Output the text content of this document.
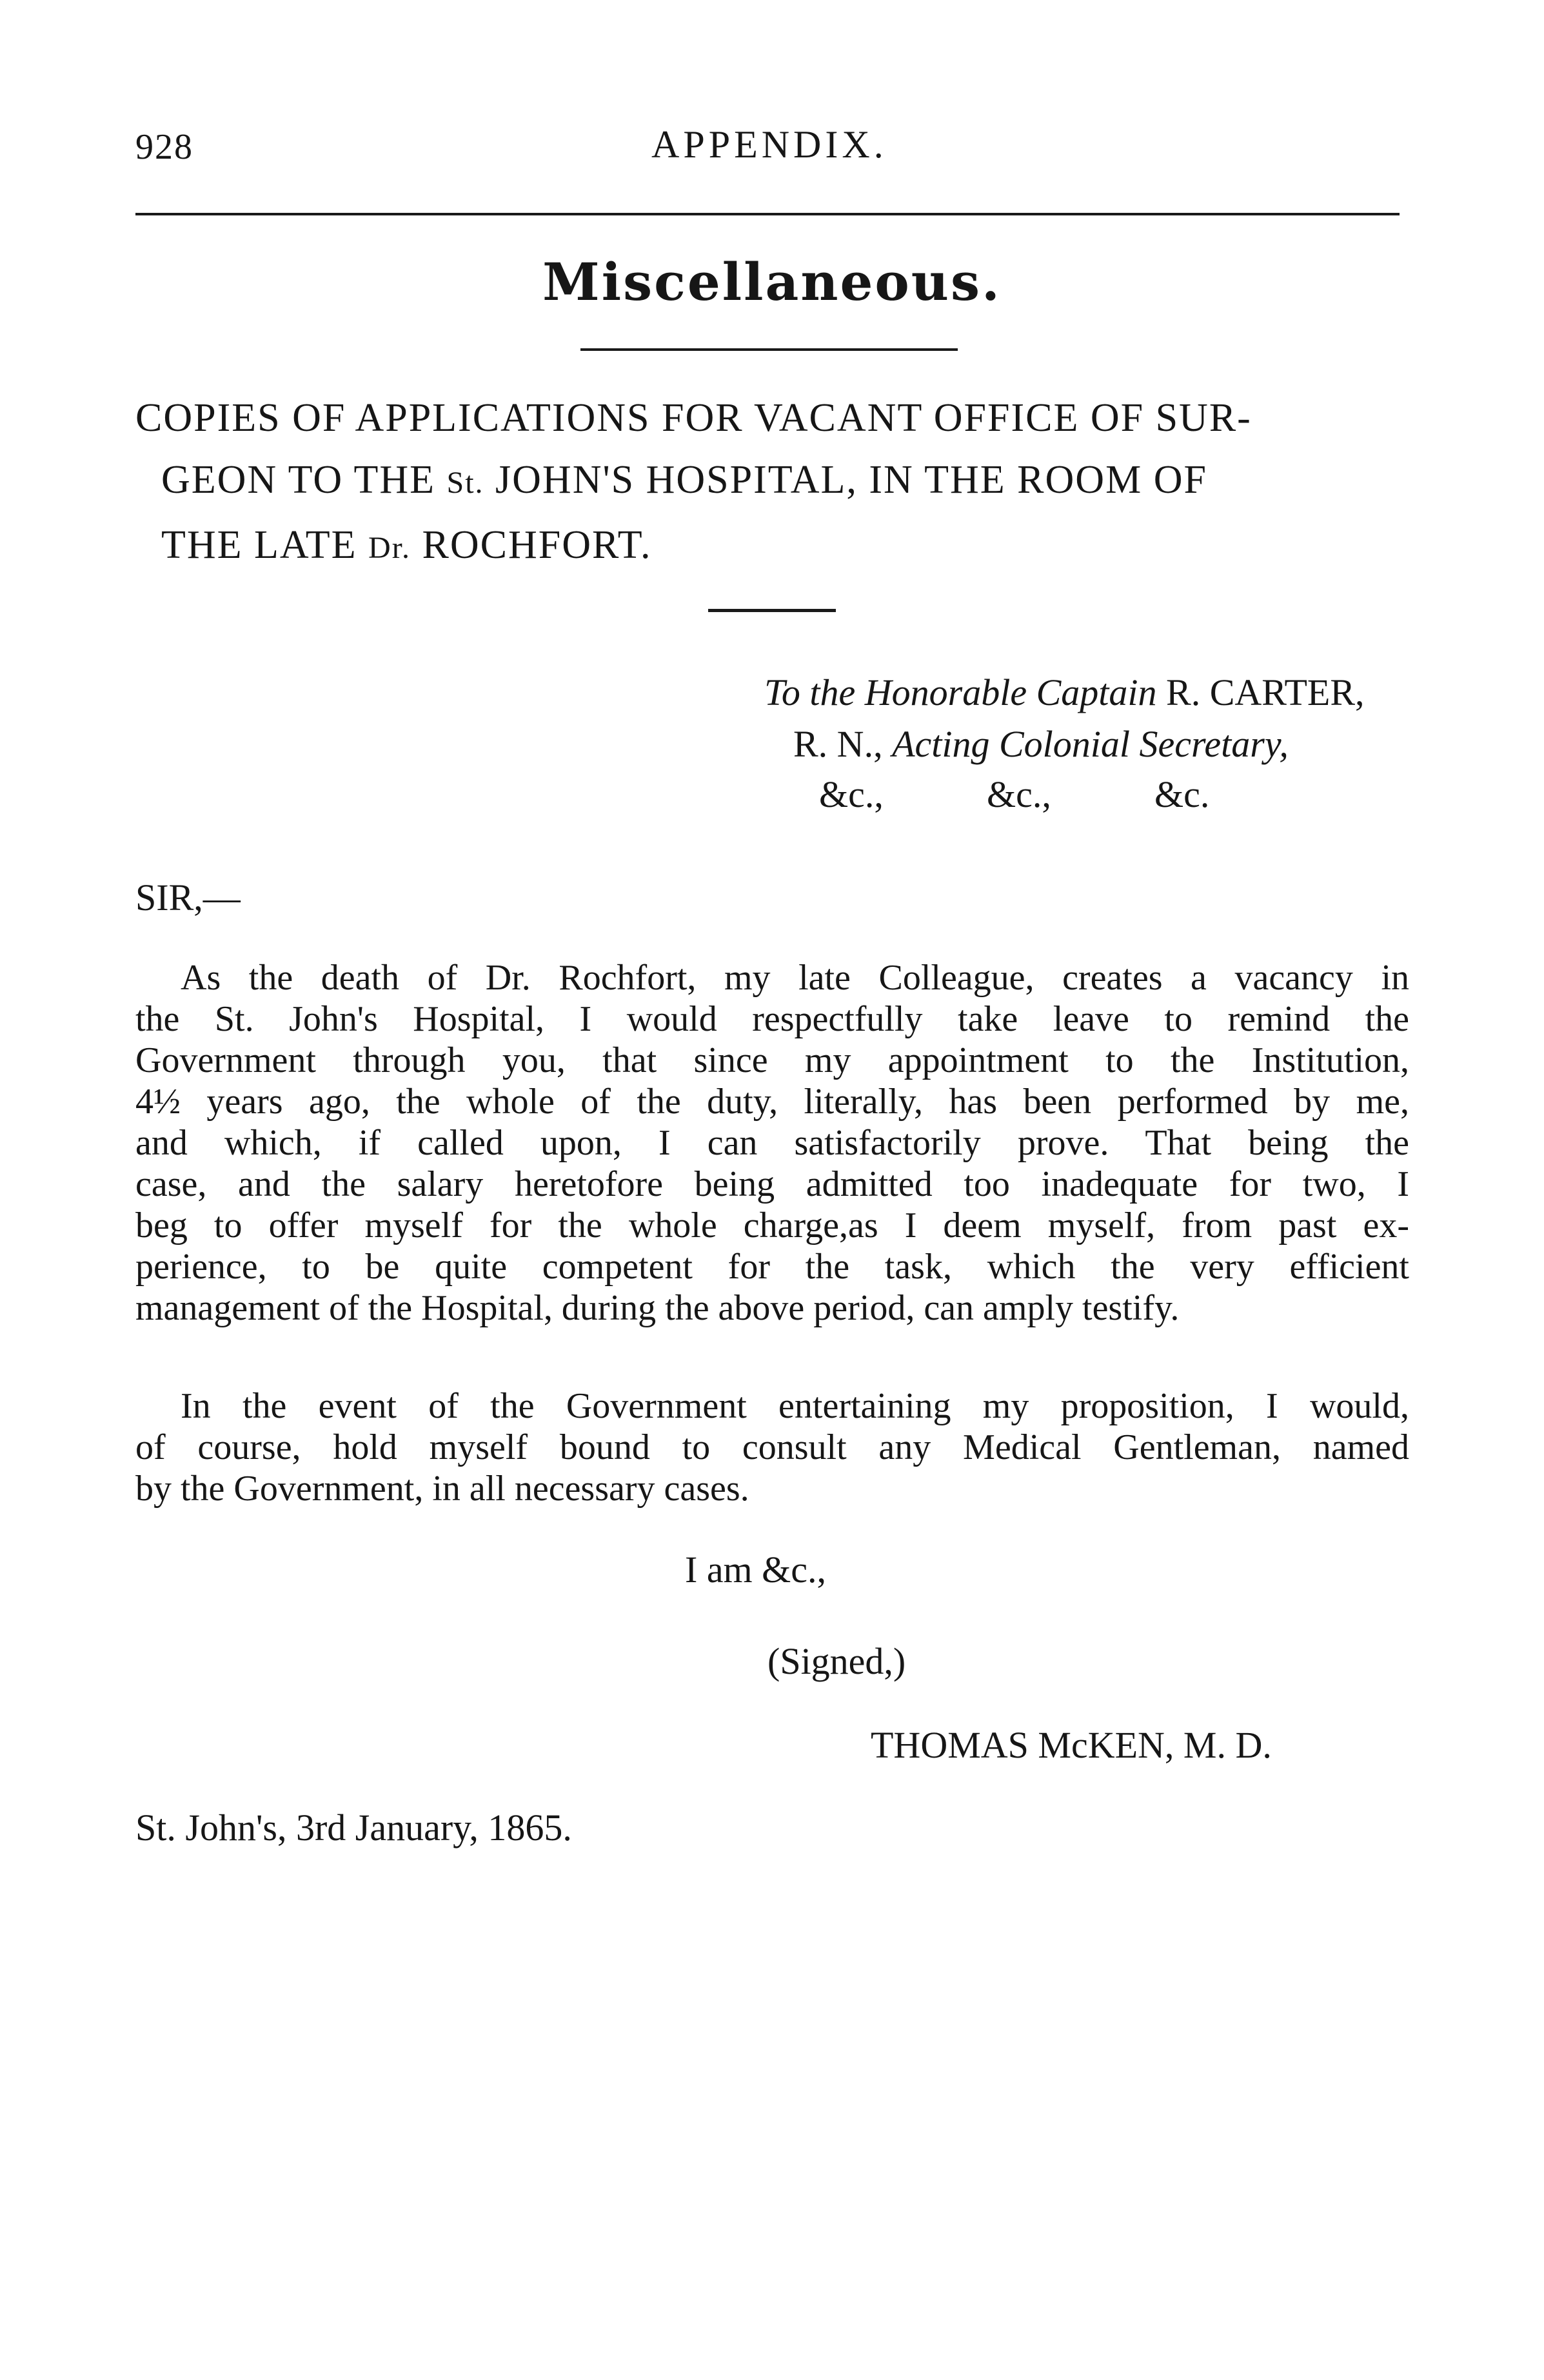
928	APPENDIX.
Miscellaneous.
COPIES OF APPLICATIONS FOR VACANT OFFICE OF SUR-
GEON TO THE St. JOHN'S HOSPITAL, IN THE ROOM OF
THE LATE Dr. ROCHFORT.
To the Honorable Captain R. CARTER,
R. N., Acting Colonial Secretary,
&c.,	&c.,	&c.
SIR,—
As the death of Dr. Rochfort, my late Colleague, creates a vacancy in
the St. John's Hospital, I would respectfully take leave to remind the
Government through you, that since my appointment to the Institution,
4½ years ago, the whole of the duty, literally, has been performed by me,
and which, if called upon, I can satisfactorily prove. That being the
case, and the salary heretofore being admitted too inadequate for two, I
beg to offer myself for the whole charge,as I deem myself, from past ex-
perience, to be quite competent for the task, which the very efficient
management of the Hospital, during the above period, can amply testify.
In the event of the Government entertaining my proposition, I would,
of course, hold myself bound to consult any Medical Gentleman, named
by the Government, in all necessary cases.
I am &c.,
(Signed,)
THOMAS McKEN, M. D.
St. John's, 3rd January, 1865.
